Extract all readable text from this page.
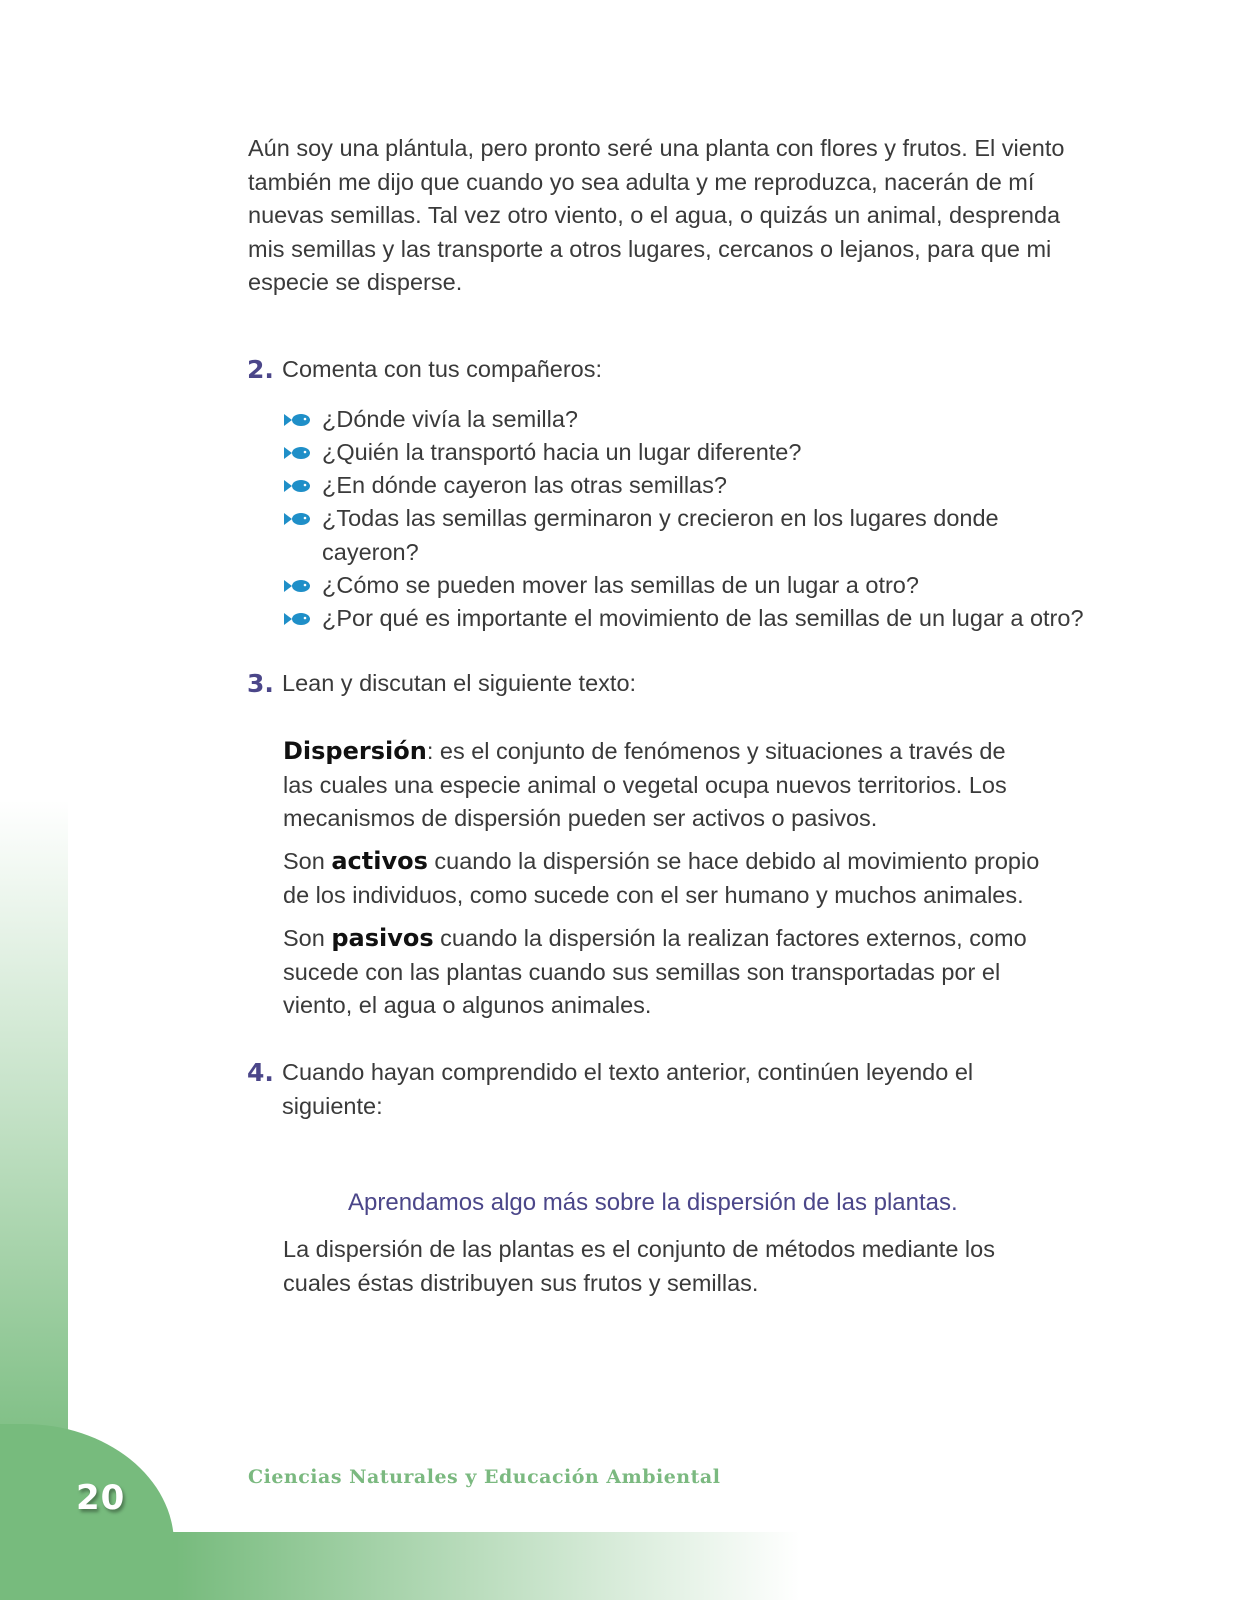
20
Ciencias Naturales y Educación Ambiental

Aún soy una plántula, pero pronto seré una planta con flores y frutos. El viento

también me dijo que cuando yo sea adulta y me reproduzca, nacerán de mí

nuevas semillas. Tal vez otro viento, o el agua, o quizás un animal, desprenda

mis semillas y las transporte a otros lugares, cercanos o lejanos, para que mi

especie se disperse.

2. Comenta con tus compañeros:

¿Dónde vivía la semilla?

¿Quién la transportó hacia un lugar diferente?

¿En dónde cayeron las otras semillas?

¿Todas las semillas germinaron y crecieron en los lugares donde

cayeron?

¿Cómo se pueden mover las semillas de un lugar a otro?

¿Por qué es importante el movimiento de las semillas de un lugar a otro?

3. Lean y discutan el siguiente texto:

Dispersión: es el conjunto de fenómenos y situaciones a través de

las cuales una especie animal o vegetal ocupa nuevos territorios. Los

mecanismos de dispersión pueden ser activos o pasivos.

Son activos cuando la dispersión se hace debido al movimiento propio

de los individuos, como sucede con el ser humano y muchos animales.

Son pasivos cuando la dispersión la realizan factores externos, como

sucede con las plantas cuando sus semillas son transportadas por el

viento, el agua o algunos animales.

4. Cuando hayan comprendido el texto anterior, continúen leyendo el

siguiente:

Aprendamos algo más sobre la dispersión de las plantas.

La dispersión de las plantas es el conjunto de métodos mediante los

cuales éstas distribuyen sus frutos y semillas.
